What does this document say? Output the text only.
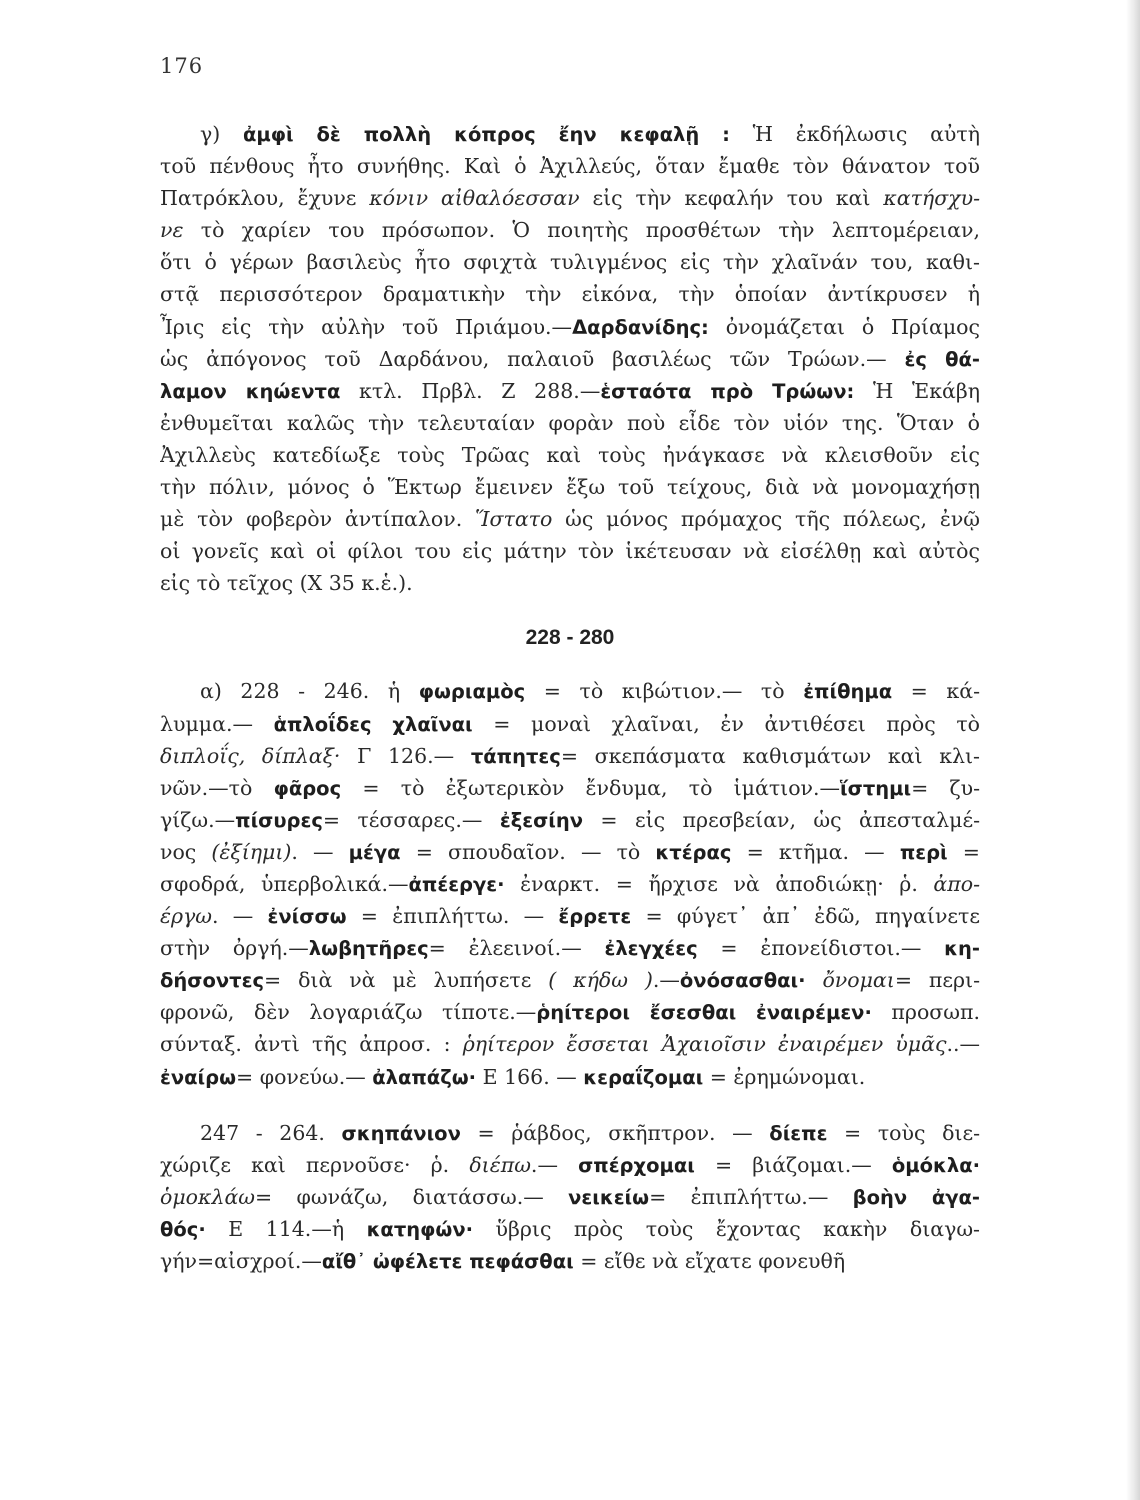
176
γ) ἀμφὶ δὲ πολλὴ κόπρος ἔην κεφαλῇ : Ἡ ἐκδήλωσις αὐτὴ
τοῦ πένθους ἦτο συνήθης. Καὶ ὁ Ἀχιλλεύς, ὅταν ἔμαθε τὸν θάνατον τοῦ
Πατρόκλου, ἔχυνε κόνιν αἰθαλόεσσαν εἰς τὴν κεφαλήν του καὶ κατήσχυ-
νε τὸ χαρίεν του πρόσωπον. Ὁ ποιητὴς προσθέτων τὴν λεπτομέρειαν,
ὅτι ὁ γέρων βασιλεὺς ἦτο σφιχτὰ τυλιγμένος εἰς τὴν χλαῖνάν του, καθι-
στᾷ περισσότερον δραματικὴν τὴν εἰκόνα, τὴν ὁποίαν ἀντίκρυσεν ἡ
Ἶρις εἰς τὴν αὐλὴν τοῦ Πριάμου.—Δαρδανίδης: ὀνομάζεται ὁ Πρίαμος
ὡς ἀπόγονος τοῦ Δαρδάνου, παλαιοῦ βασιλέως τῶν Τρώων.— ἐς θά-
λαμον κηώεντα κτλ. Πρβλ. Ζ 288.—ἑσταότα πρὸ Τρώων: Ἡ Ἑκάβη
ἐνθυμεῖται καλῶς τὴν τελευταίαν φορὰν ποὺ εἶδε τὸν υἱόν της. Ὅταν ὁ
Ἀχιλλεὺς κατεδίωξε τοὺς Τρῶας καὶ τοὺς ἠνάγκασε νὰ κλεισθοῦν εἰς
τὴν πόλιν, μόνος ὁ Ἕκτωρ ἔμεινεν ἔξω τοῦ τείχους, διὰ νὰ μονομαχήσῃ
μὲ τὸν φοβερὸν ἀντίπαλον. Ἵστατο ὡς μόνος πρόμαχος τῆς πόλεως, ἐνῷ
οἱ γονεῖς καὶ οἱ φίλοι του εἰς μάτην τὸν ἱκέτευσαν νὰ εἰσέλθῃ καὶ αὐτὸς
εἰς τὸ τεῖχος (Χ 35 κ.ἑ.).
228 - 280
α) 228 - 246. ἡ φωριαμὸς = τὸ κιβώτιον.— τὸ ἐπίθημα = κά-
λυμμα.— ἁπλοΐδες χλαῖναι = μοναὶ χλαῖναι, ἐν ἀντιθέσει πρὸς τὸ
διπλοΐς, δίπλαξ· Γ 126.— τάπητες= σκεπάσματα καθισμάτων καὶ κλι-
νῶν.—τὸ φᾶρος = τὸ ἐξωτερικὸν ἔνδυμα, τὸ ἱμάτιον.—ἵστημι= ζυ-
γίζω.—πίσυρες= τέσσαρες.— ἐξεσίην = εἰς πρεσβείαν, ὡς ἀπεσταλμέ-
νος (ἐξίημι). — μέγα = σπουδαῖον. — τὸ κτέρας = κτῆμα. — περὶ =
σφοδρά, ὑπερβολικά.—ἀπέεργε· ἐναρκτ. = ἤρχισε νὰ ἀποδιώκῃ· ῥ. ἀπο-
έργω. — ἐνίσσω = ἐπιπλήττω. — ἔρρετε = φύγετ᾽ ἀπ᾽ ἐδῶ, πηγαίνετε
στὴν ὀργή.—λωβητῆρες= ἐλεεινοί.— ἐλεγχέες = ἐπονείδιστοι.— κη-
δήσοντες= διὰ νὰ μὲ λυπήσετε ( κήδω ).—ὀνόσασθαι· ὄνομαι= περι-
φρονῶ, δὲν λογαριάζω τίποτε.—ῥηίτεροι ἔσεσθαι ἐναιρέμεν· προσωπ.
σύνταξ. ἀντὶ τῆς ἀπροσ. : ῥηίτερον ἔσσεται Ἀχαιοῖσιν ἐναιρέμεν ὑμᾶς..—
ἐναίρω= φονεύω.— ἀλαπάζω· Ε 166. — κεραΐζομαι = ἐρημώνομαι.
247 - 264. σκηπάνιον = ῥάβδος, σκῆπτρον. — δίεπε = τοὺς διε-
χώριζε καὶ περνοῦσε· ῥ. διέπω.— σπέρχομαι = βιάζομαι.— ὁμόκλα·
ὁμοκλάω= φωνάζω, διατάσσω.— νεικείω= ἐπιπλήττω.— βοὴν ἀγα-
θός· Ε 114.—ἡ κατηφών· ὕβρις πρὸς τοὺς ἔχοντας κακὴν διαγω-
γήν=αἰσχροί.—αἴθ᾽ ὠφέλετε πεφάσθαι = εἴθε νὰ εἴχατε φονευθῆ
